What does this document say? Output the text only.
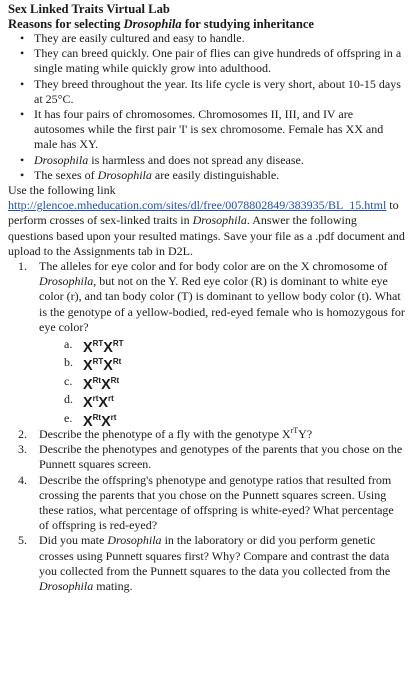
Sex Linked Traits Virtual Lab
Reasons for selecting Drosophila for studying inheritance
• They are easily cultured and easy to handle.
• They can breed quickly. One pair of flies can give hundreds of offspring in a single mating while quickly grow into adulthood.
• They breed throughout the year. Its life cycle is very short, about 10-15 days at 25°C.
• It has four pairs of chromosomes. Chromosomes II, III, and IV are autosomes while the first pair 'I' is sex chromosome. Female has XX and male has XY.
• Drosophila is harmless and does not spread any disease.
• The sexes of Drosophila are easily distinguishable.
Use the following link http://glencoe.mheducation.com/sites/dl/free/0078802849/383935/BL_15.html to perform crosses of sex-linked traits in Drosophila. Answer the following questions based upon your resulted matings. Save your file as a .pdf document and upload to the Assignments tab in D2L.
1. The alleles for eye color and for body color are on the X chromosome of Drosophila, but not on the Y. Red eye color (R) is dominant to white eye color (r), and tan body color (T) is dominant to yellow body color (t). What is the genotype of a yellow-bodied, red-eyed female who is homozygous for eye color?
a. $X^{RT}X^{RT}$
b. $X^{RT}X^{Rt}$
c. $X^{Rt}X^{Rt}$
d. $X^{rt}X^{rt}$
e. $X^{Rt}X^{rt}$
2. Describe the phenotype of a fly with the genotype $X^{rT}Y$?
3. Describe the phenotypes and genotypes of the parents that you chose on the Punnett squares screen.
4. Describe the offspring's phenotype and genotype ratios that resulted from crossing the parents that you chose on the Punnett squares screen. Using these ratios, what percentage of offspring is white-eyed? What percentage of offspring is red-eyed?
5. Did you mate Drosophila in the laboratory or did you perform genetic crosses using Punnett squares first? Why? Compare and contrast the data you collected from the Punnett squares to the data you collected from the Drosophila mating.
